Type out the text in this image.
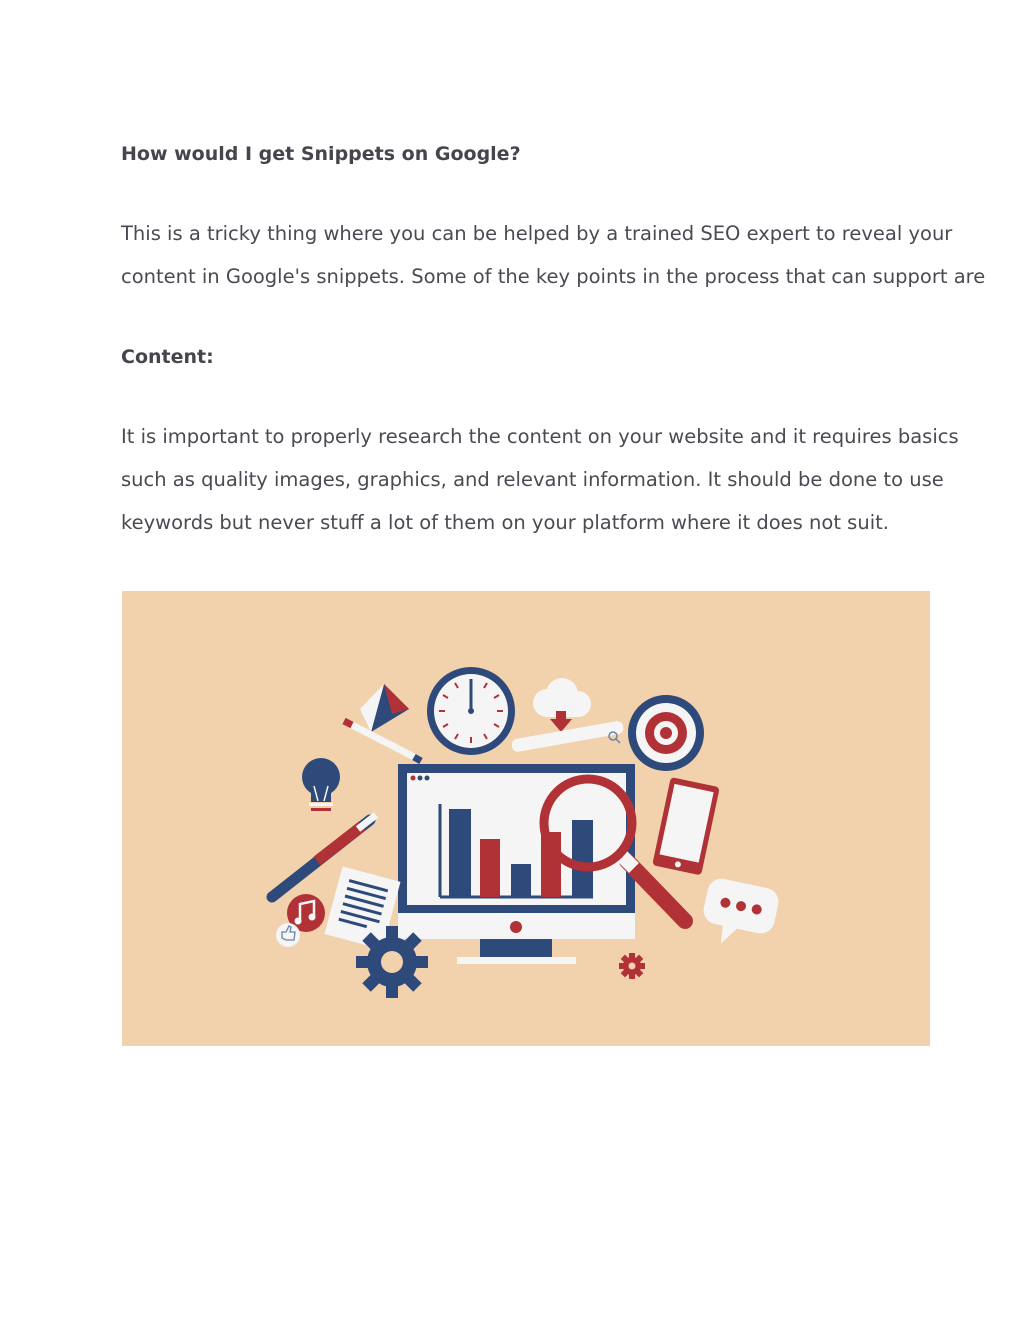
How would I get Snippets on Google?

This is a tricky thing where you can be helped by a trained SEO expert to reveal your content in Google's snippets. Some of the key points in the process that can support are

Content:

It is important to properly research the content on your website and it requires basics such as quality images, graphics, and relevant information. It should be done to use keywords but never stuff a lot of them on your platform where it does not suit.
